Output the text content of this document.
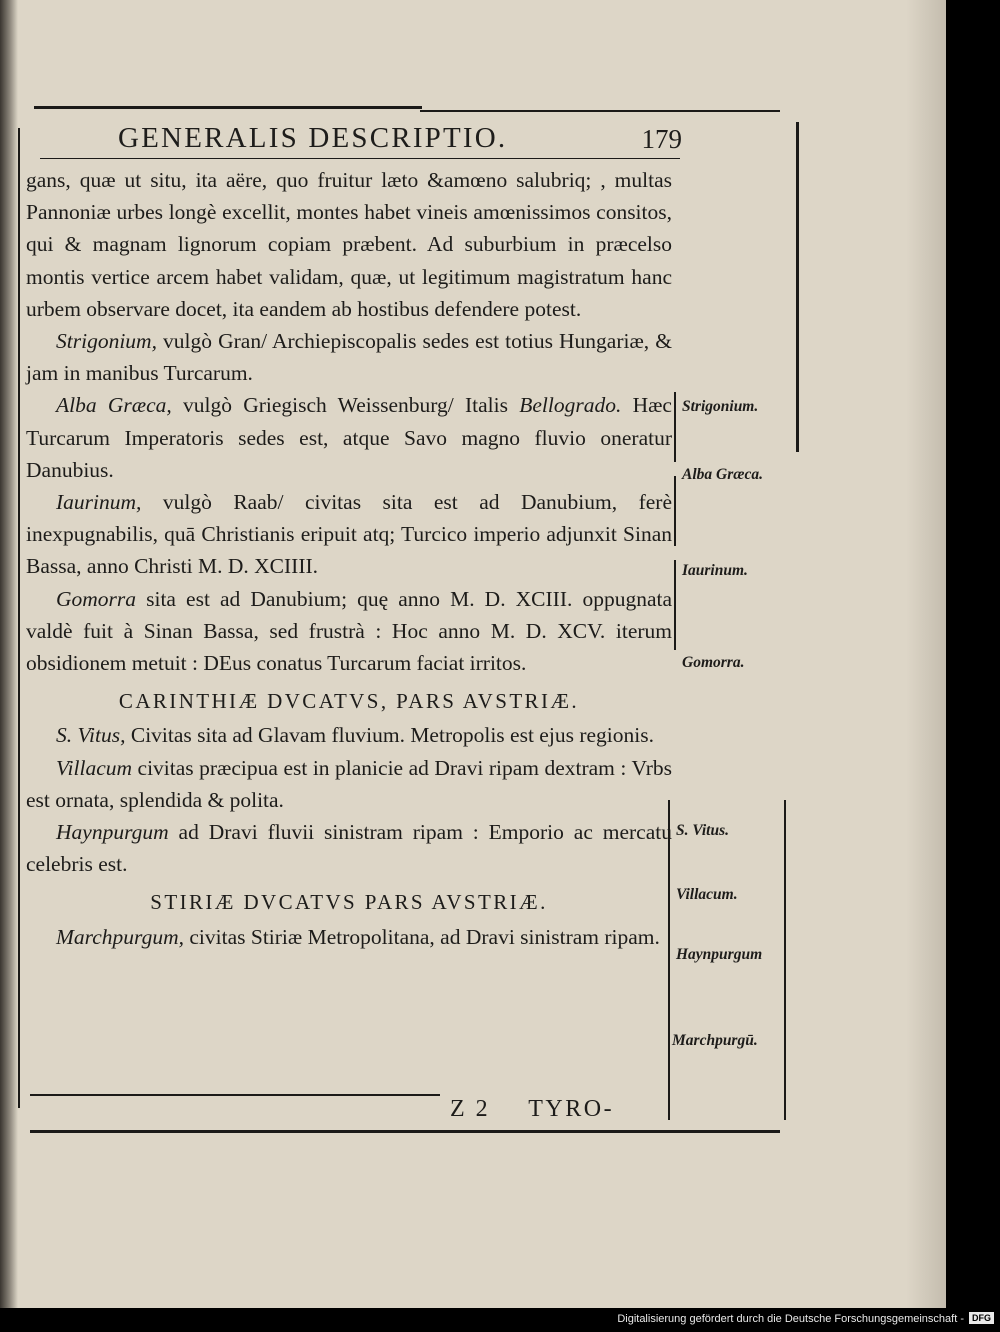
GENERALIS DESCRIPTIO.	179

gans, quæ ut situ, ita aëre, quo fruitur læto &amœno salubriq; , multas Pannoniæ urbes longè excellit, montes habet vineis amœnissimos consitos, qui & magnam lignorum copiam præbent. Ad suburbium in præcelso montis vertice arcem habet validam, quæ, ut legitimum magistratum hanc urbem observare docet, ita eandem ab hostibus defendere potest.

Strigonium, vulgò Gran/ Archiepiscopalis sedes est totius Hungariæ, & jam in manibus Turcarum.

Alba Græca, vulgò Griegisch Weissenburg/ Italis Bellogrado. Hæc Turcarum Imperatoris sedes est, atque Savo magno fluvio oneratur Danubius.

Iaurinum, vulgò Raab/ civitas sita est ad Danubium, ferè inexpugnabilis, quā Christianis eripuit atq; Turcico imperio adjunxit Sinan Bassa, anno Christi M. D. XCIIII.

Gomorra sita est ad Danubium; quę anno M. D. XCIII. oppugnata valdè fuit à Sinan Bassa, sed frustrà : Hoc anno M. D. XCV. iterum obsidionem metuit : DEus conatus Turcarum faciat irritos.

CARINTHIÆ DVCATVS, PARS AVSTRIÆ.

S. Vitus, Civitas sita ad Glavam fluvium. Metropolis est ejus regionis.

Villacum civitas præcipua est in planicie ad Dravi ripam dextram : Vrbs est ornata, splendida & polita.

Haynpurgum ad Dravi fluvii sinistram ripam : Emporio ac mercatu celebris est.

STIRIÆ DVCATVS PARS AVSTRIÆ.

Marchpurgum, civitas Stiriæ Metropolitana, ad Dravi sinistram ripam.

Strigonium.
Alba Græca.
Iaurinum.
Gomorra.
S. Vitus.
Villacum.
Haynpurgum
Marchpurgū.
Z 2 TYRO-
Digitalisierung gefördert durch die Deutsche Forschungsgemeinschaft - DFG
